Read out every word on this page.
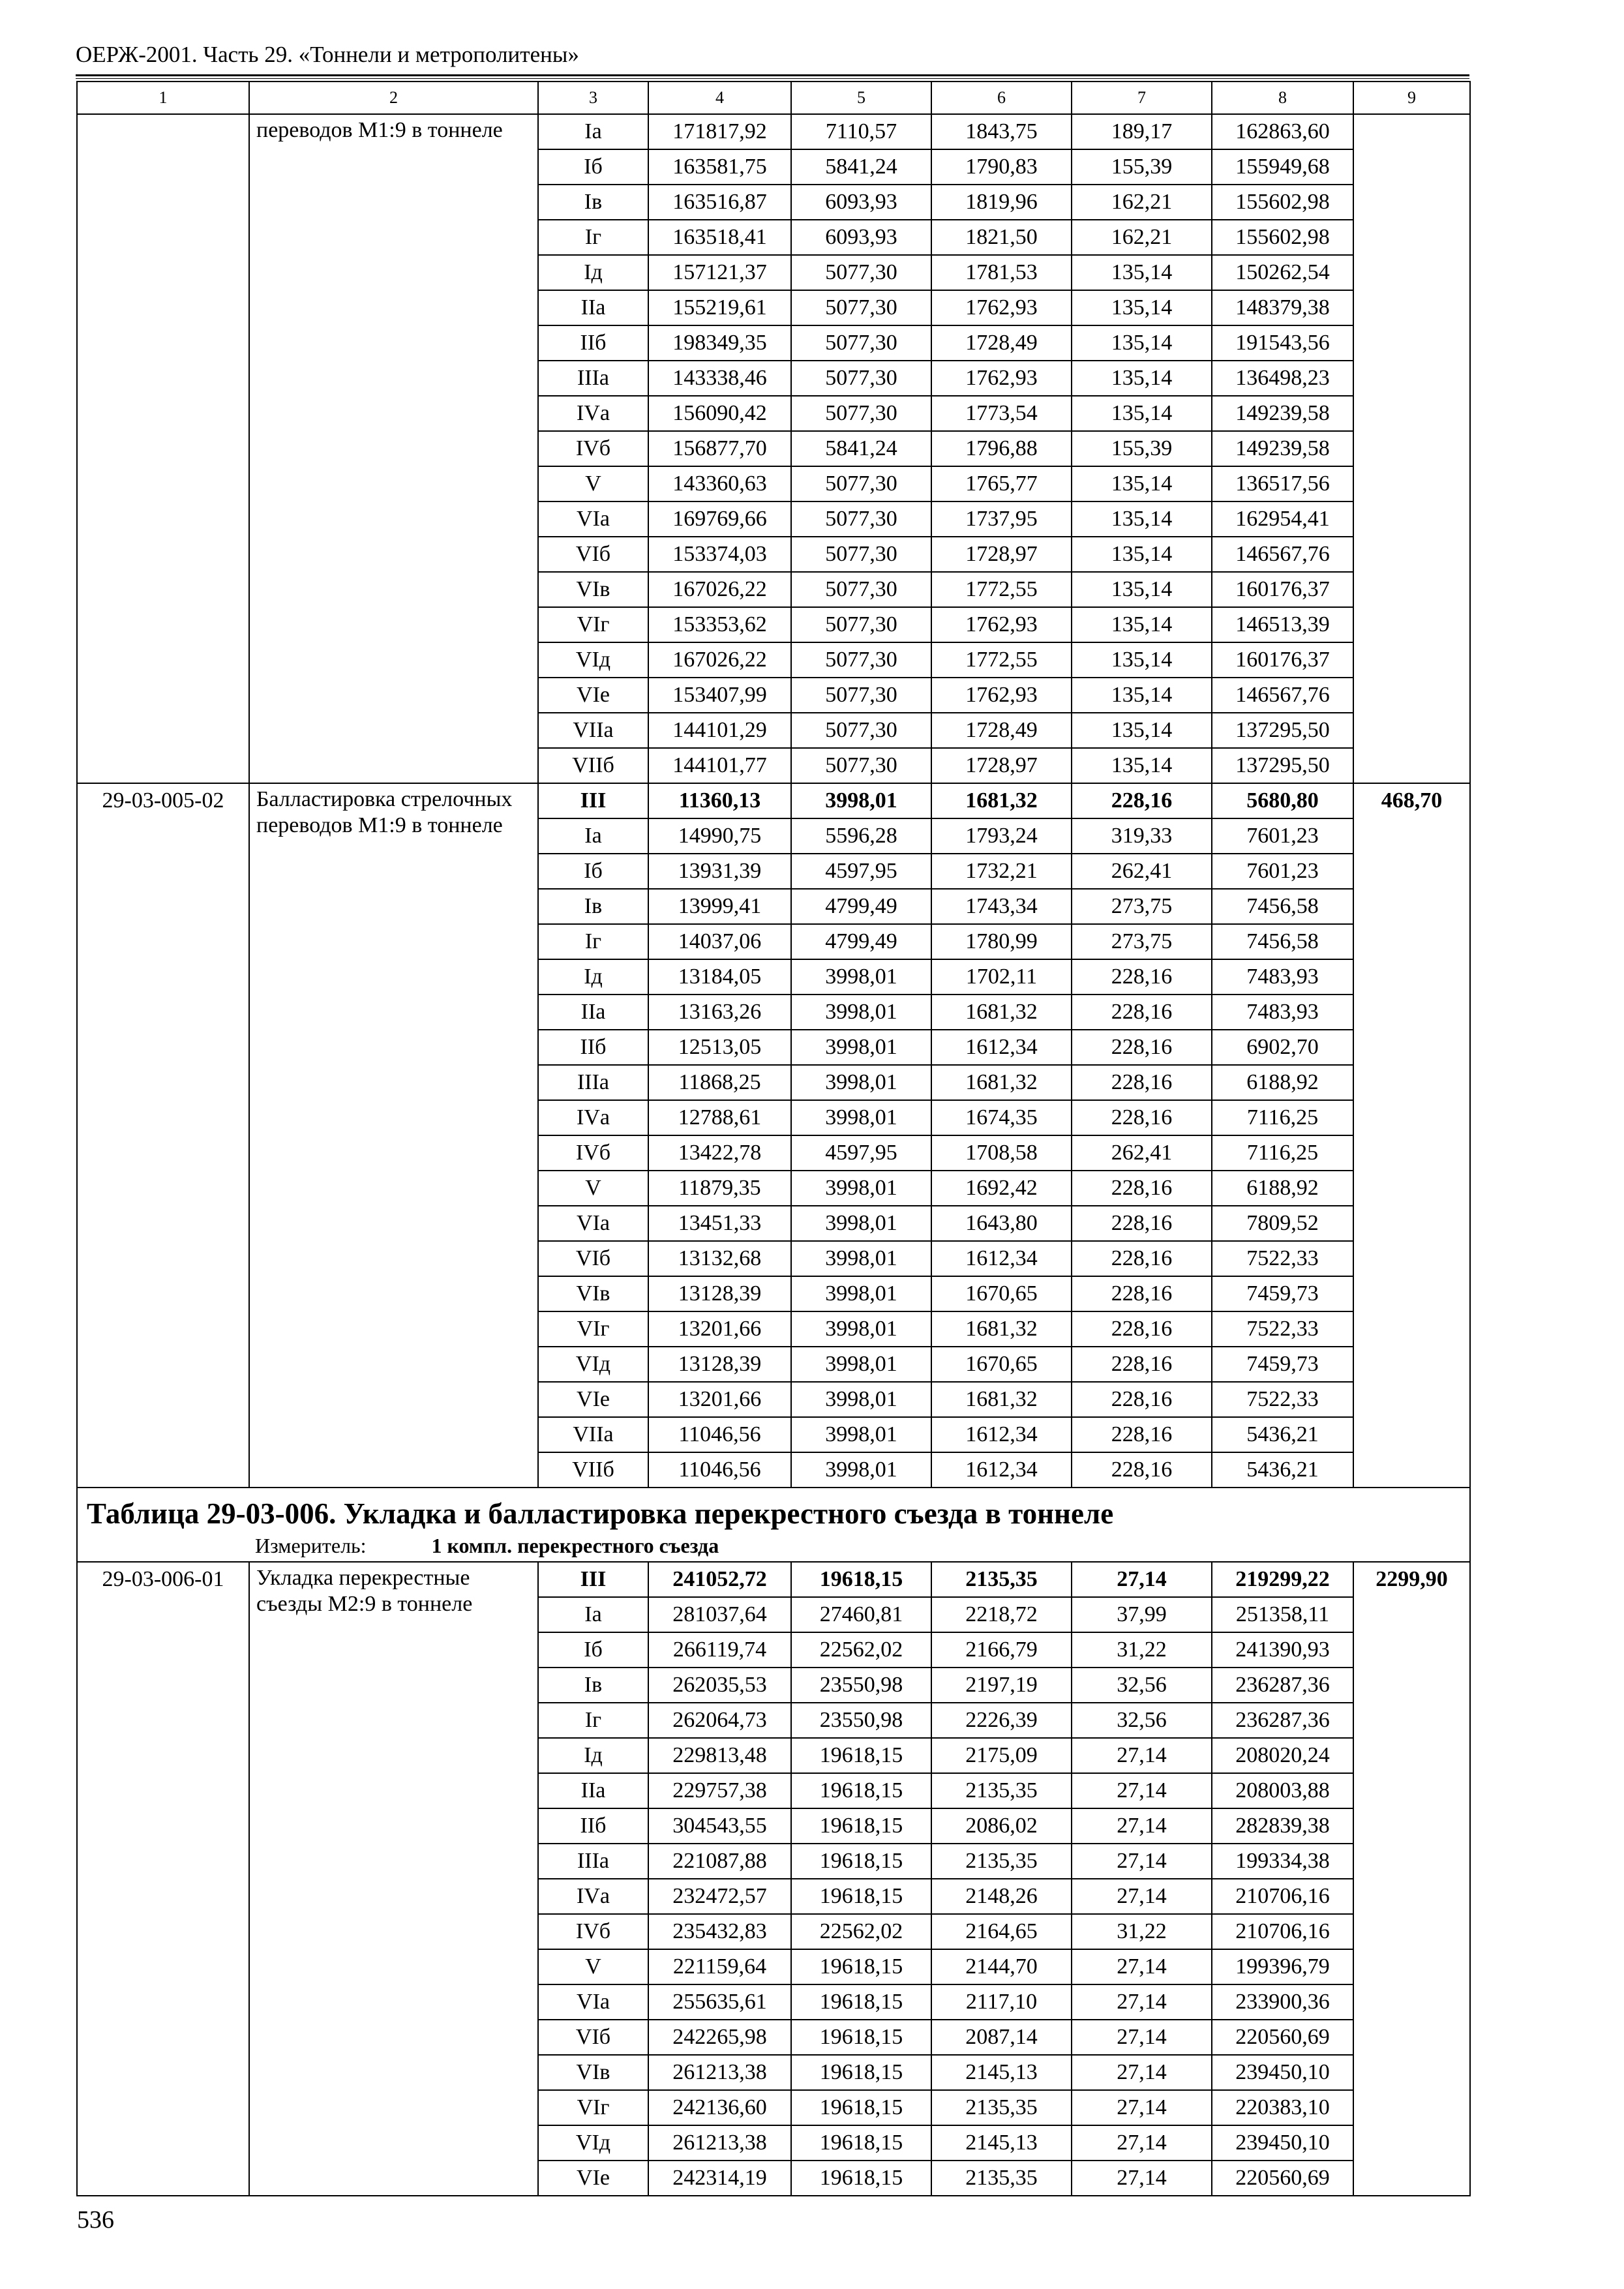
ОЕРЖ-2001. Часть 29. «Тоннели и метрополитены»
1	2	3	4	5	6	7	8	9
	переводов М1:9 в тоннеле	Ia	171817,92	7110,57	1843,75	189,17	162863,60	
		Iб	163581,75	5841,24	1790,83	155,39	155949,68	
		Iв	163516,87	6093,93	1819,96	162,21	155602,98	
		Iг	163518,41	6093,93	1821,50	162,21	155602,98	
		Iд	157121,37	5077,30	1781,53	135,14	150262,54	
		IIа	155219,61	5077,30	1762,93	135,14	148379,38	
		IIб	198349,35	5077,30	1728,49	135,14	191543,56	
		IIIа	143338,46	5077,30	1762,93	135,14	136498,23	
		IVа	156090,42	5077,30	1773,54	135,14	149239,58	
		IVб	156877,70	5841,24	1796,88	155,39	149239,58	
		V	143360,63	5077,30	1765,77	135,14	136517,56	
		VIа	169769,66	5077,30	1737,95	135,14	162954,41	
		VIб	153374,03	5077,30	1728,97	135,14	146567,76	
		VIв	167026,22	5077,30	1772,55	135,14	160176,37	
		VIг	153353,62	5077,30	1762,93	135,14	146513,39	
		VIд	167026,22	5077,30	1772,55	135,14	160176,37	
		VIе	153407,99	5077,30	1762,93	135,14	146567,76	
		VIIа	144101,29	5077,30	1728,49	135,14	137295,50	
		VIIб	144101,77	5077,30	1728,97	135,14	137295,50	
29-03-005-02	Балластировка стрелочных переводов М1:9 в тоннеле	III	11360,13	3998,01	1681,32	228,16	5680,80	468,70
		Ia	14990,75	5596,28	1793,24	319,33	7601,23	
		Iб	13931,39	4597,95	1732,21	262,41	7601,23	
		Iв	13999,41	4799,49	1743,34	273,75	7456,58	
		Iг	14037,06	4799,49	1780,99	273,75	7456,58	
		Iд	13184,05	3998,01	1702,11	228,16	7483,93	
		IIа	13163,26	3998,01	1681,32	228,16	7483,93	
		IIб	12513,05	3998,01	1612,34	228,16	6902,70	
		IIIа	11868,25	3998,01	1681,32	228,16	6188,92	
		IVа	12788,61	3998,01	1674,35	228,16	7116,25	
		IVб	13422,78	4597,95	1708,58	262,41	7116,25	
		V	11879,35	3998,01	1692,42	228,16	6188,92	
		VIа	13451,33	3998,01	1643,80	228,16	7809,52	
		VIб	13132,68	3998,01	1612,34	228,16	7522,33	
		VIв	13128,39	3998,01	1670,65	228,16	7459,73	
		VIг	13201,66	3998,01	1681,32	228,16	7522,33	
		VIд	13128,39	3998,01	1670,65	228,16	7459,73	
		VIе	13201,66	3998,01	1681,32	228,16	7522,33	
		VIIа	11046,56	3998,01	1612,34	228,16	5436,21	
		VIIб	11046,56	3998,01	1612,34	228,16	5436,21	

Таблица 29-03-006. Укладка и балластировка перекрестного съезда в тоннеле
Измеритель: 1 компл. перекрестного съезда								

29-03-006-01	Укладка перекрестные съезды М2:9 в тоннеле	III	241052,72	19618,15	2135,35	27,14	219299,22	2299,90
		Ia	281037,64	27460,81	2218,72	37,99	251358,11	
		Iб	266119,74	22562,02	2166,79	31,22	241390,93	
		Iв	262035,53	23550,98	2197,19	32,56	236287,36	
		Iг	262064,73	23550,98	2226,39	32,56	236287,36	
		Iд	229813,48	19618,15	2175,09	27,14	208020,24	
		IIа	229757,38	19618,15	2135,35	27,14	208003,88	
		IIб	304543,55	19618,15	2086,02	27,14	282839,38	
		IIIа	221087,88	19618,15	2135,35	27,14	199334,38	
		IVа	232472,57	19618,15	2148,26	27,14	210706,16	
		IVб	235432,83	22562,02	2164,65	31,22	210706,16	
		V	221159,64	19618,15	2144,70	27,14	199396,79	
		VIа	255635,61	19618,15	2117,10	27,14	233900,36	
		VIб	242265,98	19618,15	2087,14	27,14	220560,69	
		VIв	261213,38	19618,15	2145,13	27,14	239450,10	
		VIг	242136,60	19618,15	2135,35	27,14	220383,10	
		VIд	261213,38	19618,15	2145,13	27,14	239450,10	
		VIе	242314,19	19618,15	2135,35	27,14	220560,69	
536
